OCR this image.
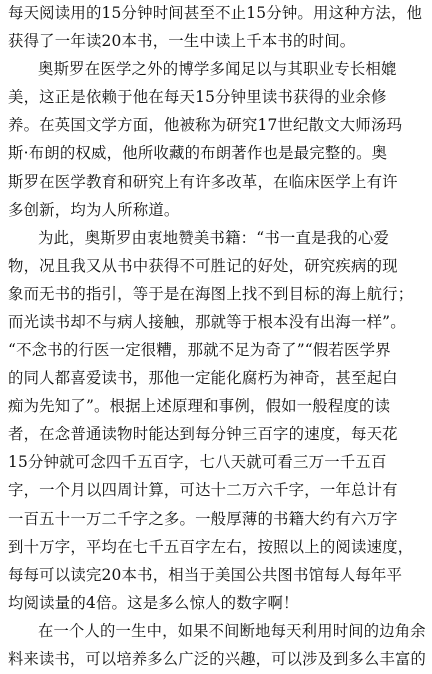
每天阅读用的15分钟时间甚至不止15分钟。用这种方法，他
获得了一年读20本书，一生中读上千本书的时间。
奥斯罗在医学之外的博学多闻足以与其职业专长相媲
美，这正是依赖于他在每天15分钟里读书获得的业余修
养。在英国文学方面，他被称为研究17世纪散文大师汤玛
斯·布朗的权威，他所收藏的布朗著作也是最完整的。奥
斯罗在医学教育和研究上有许多改革，在临床医学上有许
多创新，均为人所称道。
为此，奥斯罗由衷地赞美书籍：“书一直是我的心爱
物，况且我又从书中获得不可胜记的好处，研究疾病的现
象而无书的指引，等于是在海图上找不到目标的海上航行；
而光读书却不与病人接触，那就等于根本没有出海一样”。
“不念书的行医一定很糟，那就不足为奇了”“假若医学界
的同人都喜爱读书，那他一定能化腐朽为神奇，甚至起白
痴为先知了”。根据上述原理和事例，假如一般程度的读
者，在念普通读物时能达到每分钟三百字的速度，每天花
15分钟就可念四千五百字，七八天就可看三万一千五百
字，一个月以四周计算，可达十二万六千字，一年总计有
一百五十一万二千字之多。一般厚薄的书籍大约有六万字
到十万字，平均在七千五百字左右，按照以上的阅读速度，
每每可以读完20本书，相当于美国公共图书馆每人每年平
均阅读量的4倍。这是多么惊人的数字啊！
在一个人的一生中，如果不间断地每天利用时间的边角余
料来读书，可以培养多么广泛的兴趣，可以涉及到多么丰富的
